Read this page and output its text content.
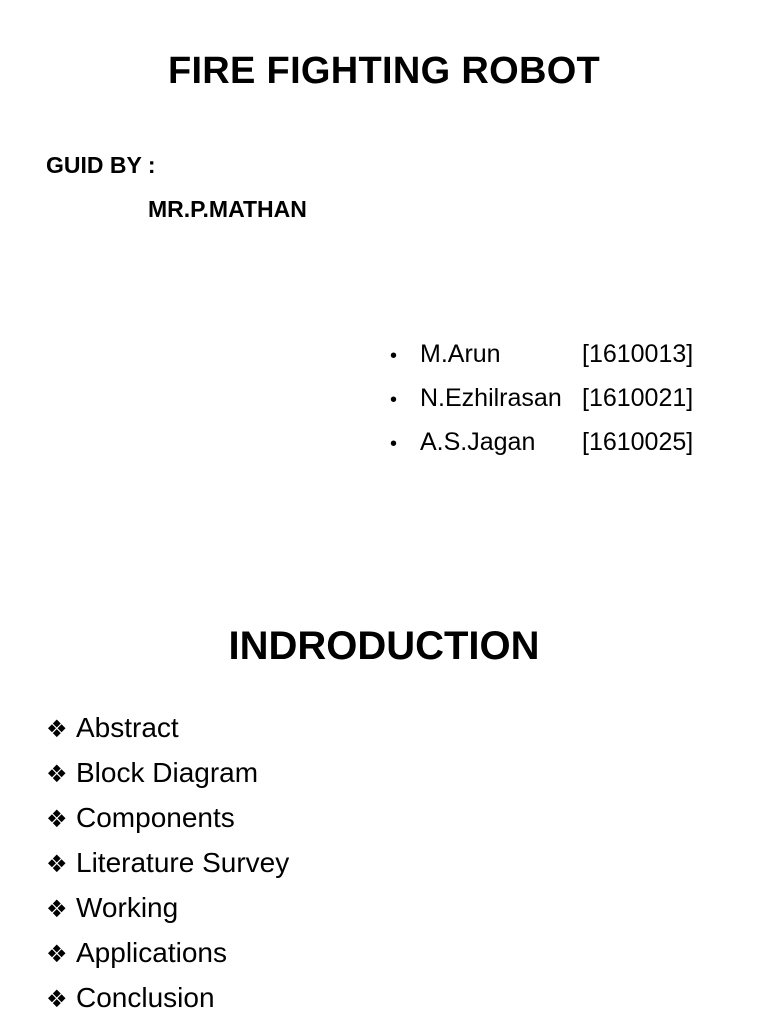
FIRE FIGHTING ROBOT
GUID BY :
MR.P.MATHAN
• M.Arun	[1610013]
• N.Ezhilrasan [1610021]
• A.S.Jagan	[1610025]
INDRODUCTION
❖ Abstract
❖ Block Diagram
❖ Components
❖ Literature Survey
❖ Working
❖ Applications
❖ Conclusion
